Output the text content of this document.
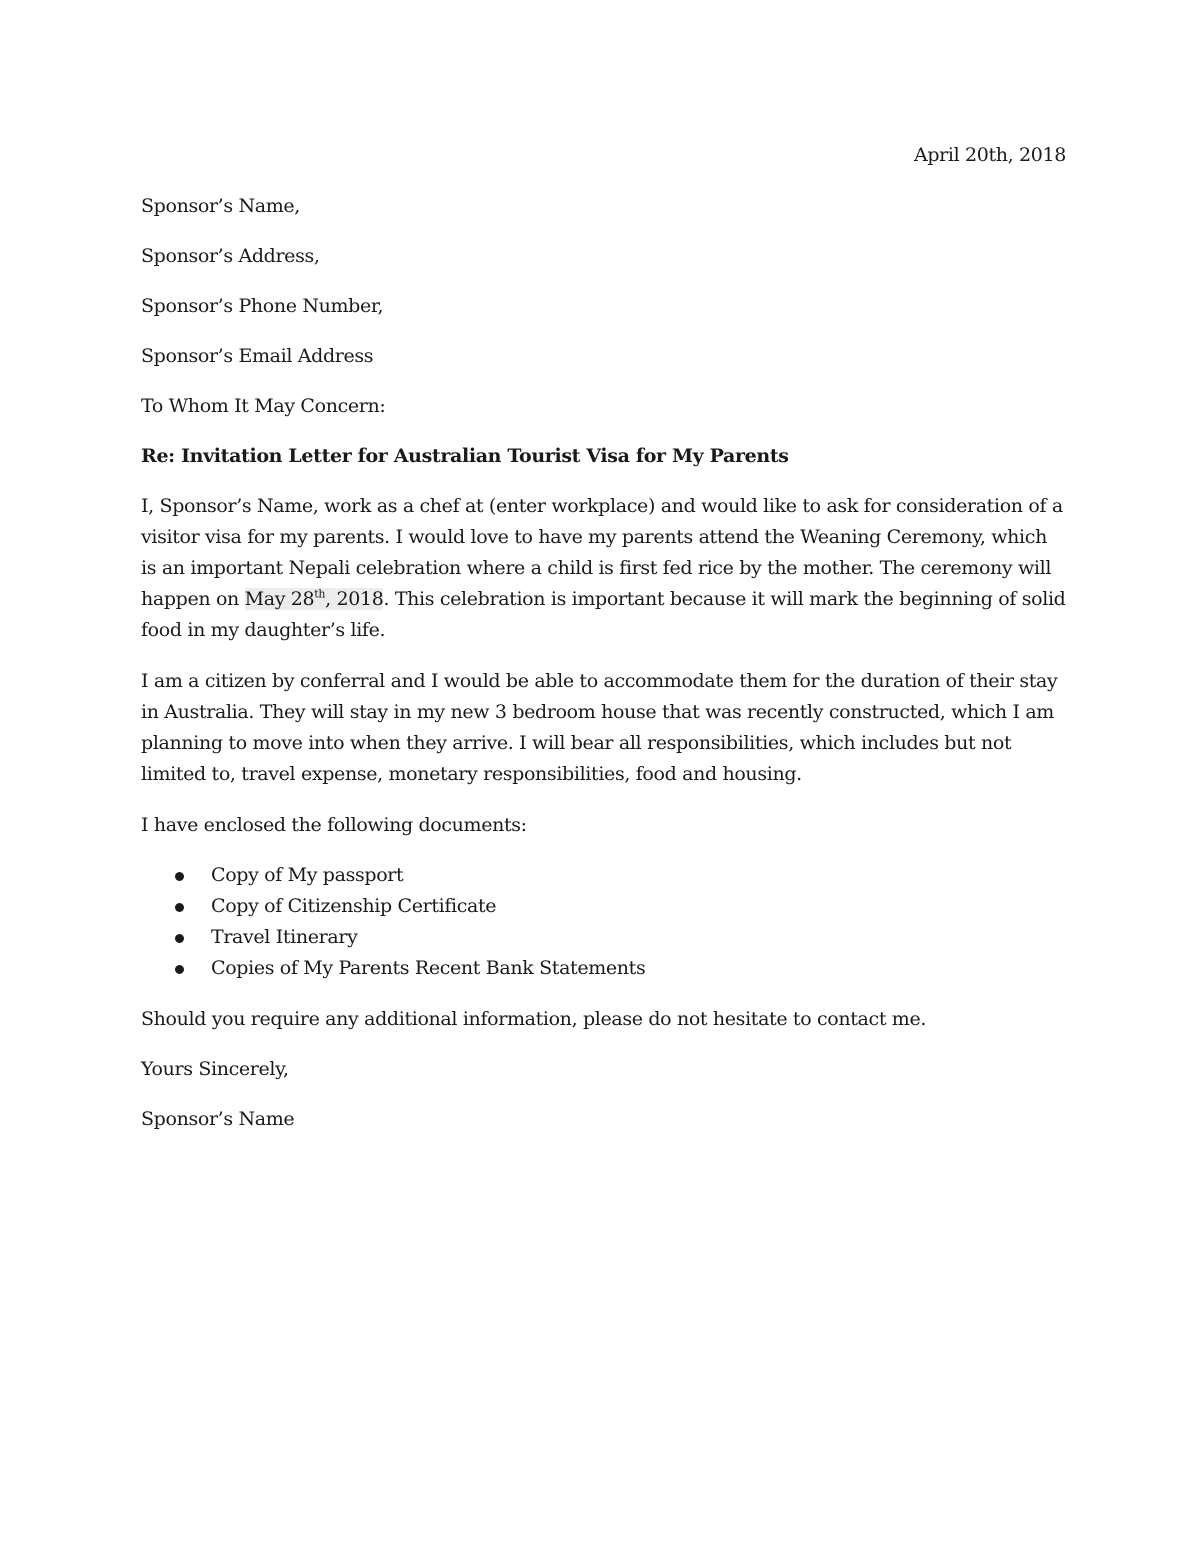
April 20th, 2018
Sponsor’s Name,
Sponsor’s Address,
Sponsor’s Phone Number,
Sponsor’s Email Address
To Whom It May Concern:
Re: Invitation Letter for Australian Tourist Visa for My Parents
I, Sponsor’s Name, work as a chef at (enter workplace) and would like to ask for consideration of a visitor visa for my parents. I would love to have my parents attend the Weaning Ceremony, which is an important Nepali celebration where a child is first fed rice by the mother. The ceremony will happen on May 28th, 2018. This celebration is important because it will mark the beginning of solid food in my daughter’s life.
I am a citizen by conferral and I would be able to accommodate them for the duration of their stay in Australia. They will stay in my new 3 bedroom house that was recently constructed, which I am planning to move into when they arrive. I will bear all responsibilities, which includes but not limited to, travel expense, monetary responsibilities, food and housing.
I have enclosed the following documents:
Copy of My passport
Copy of Citizenship Certificate
Travel Itinerary
Copies of My Parents Recent Bank Statements
Should you require any additional information, please do not hesitate to contact me.
Yours Sincerely,
Sponsor’s Name
